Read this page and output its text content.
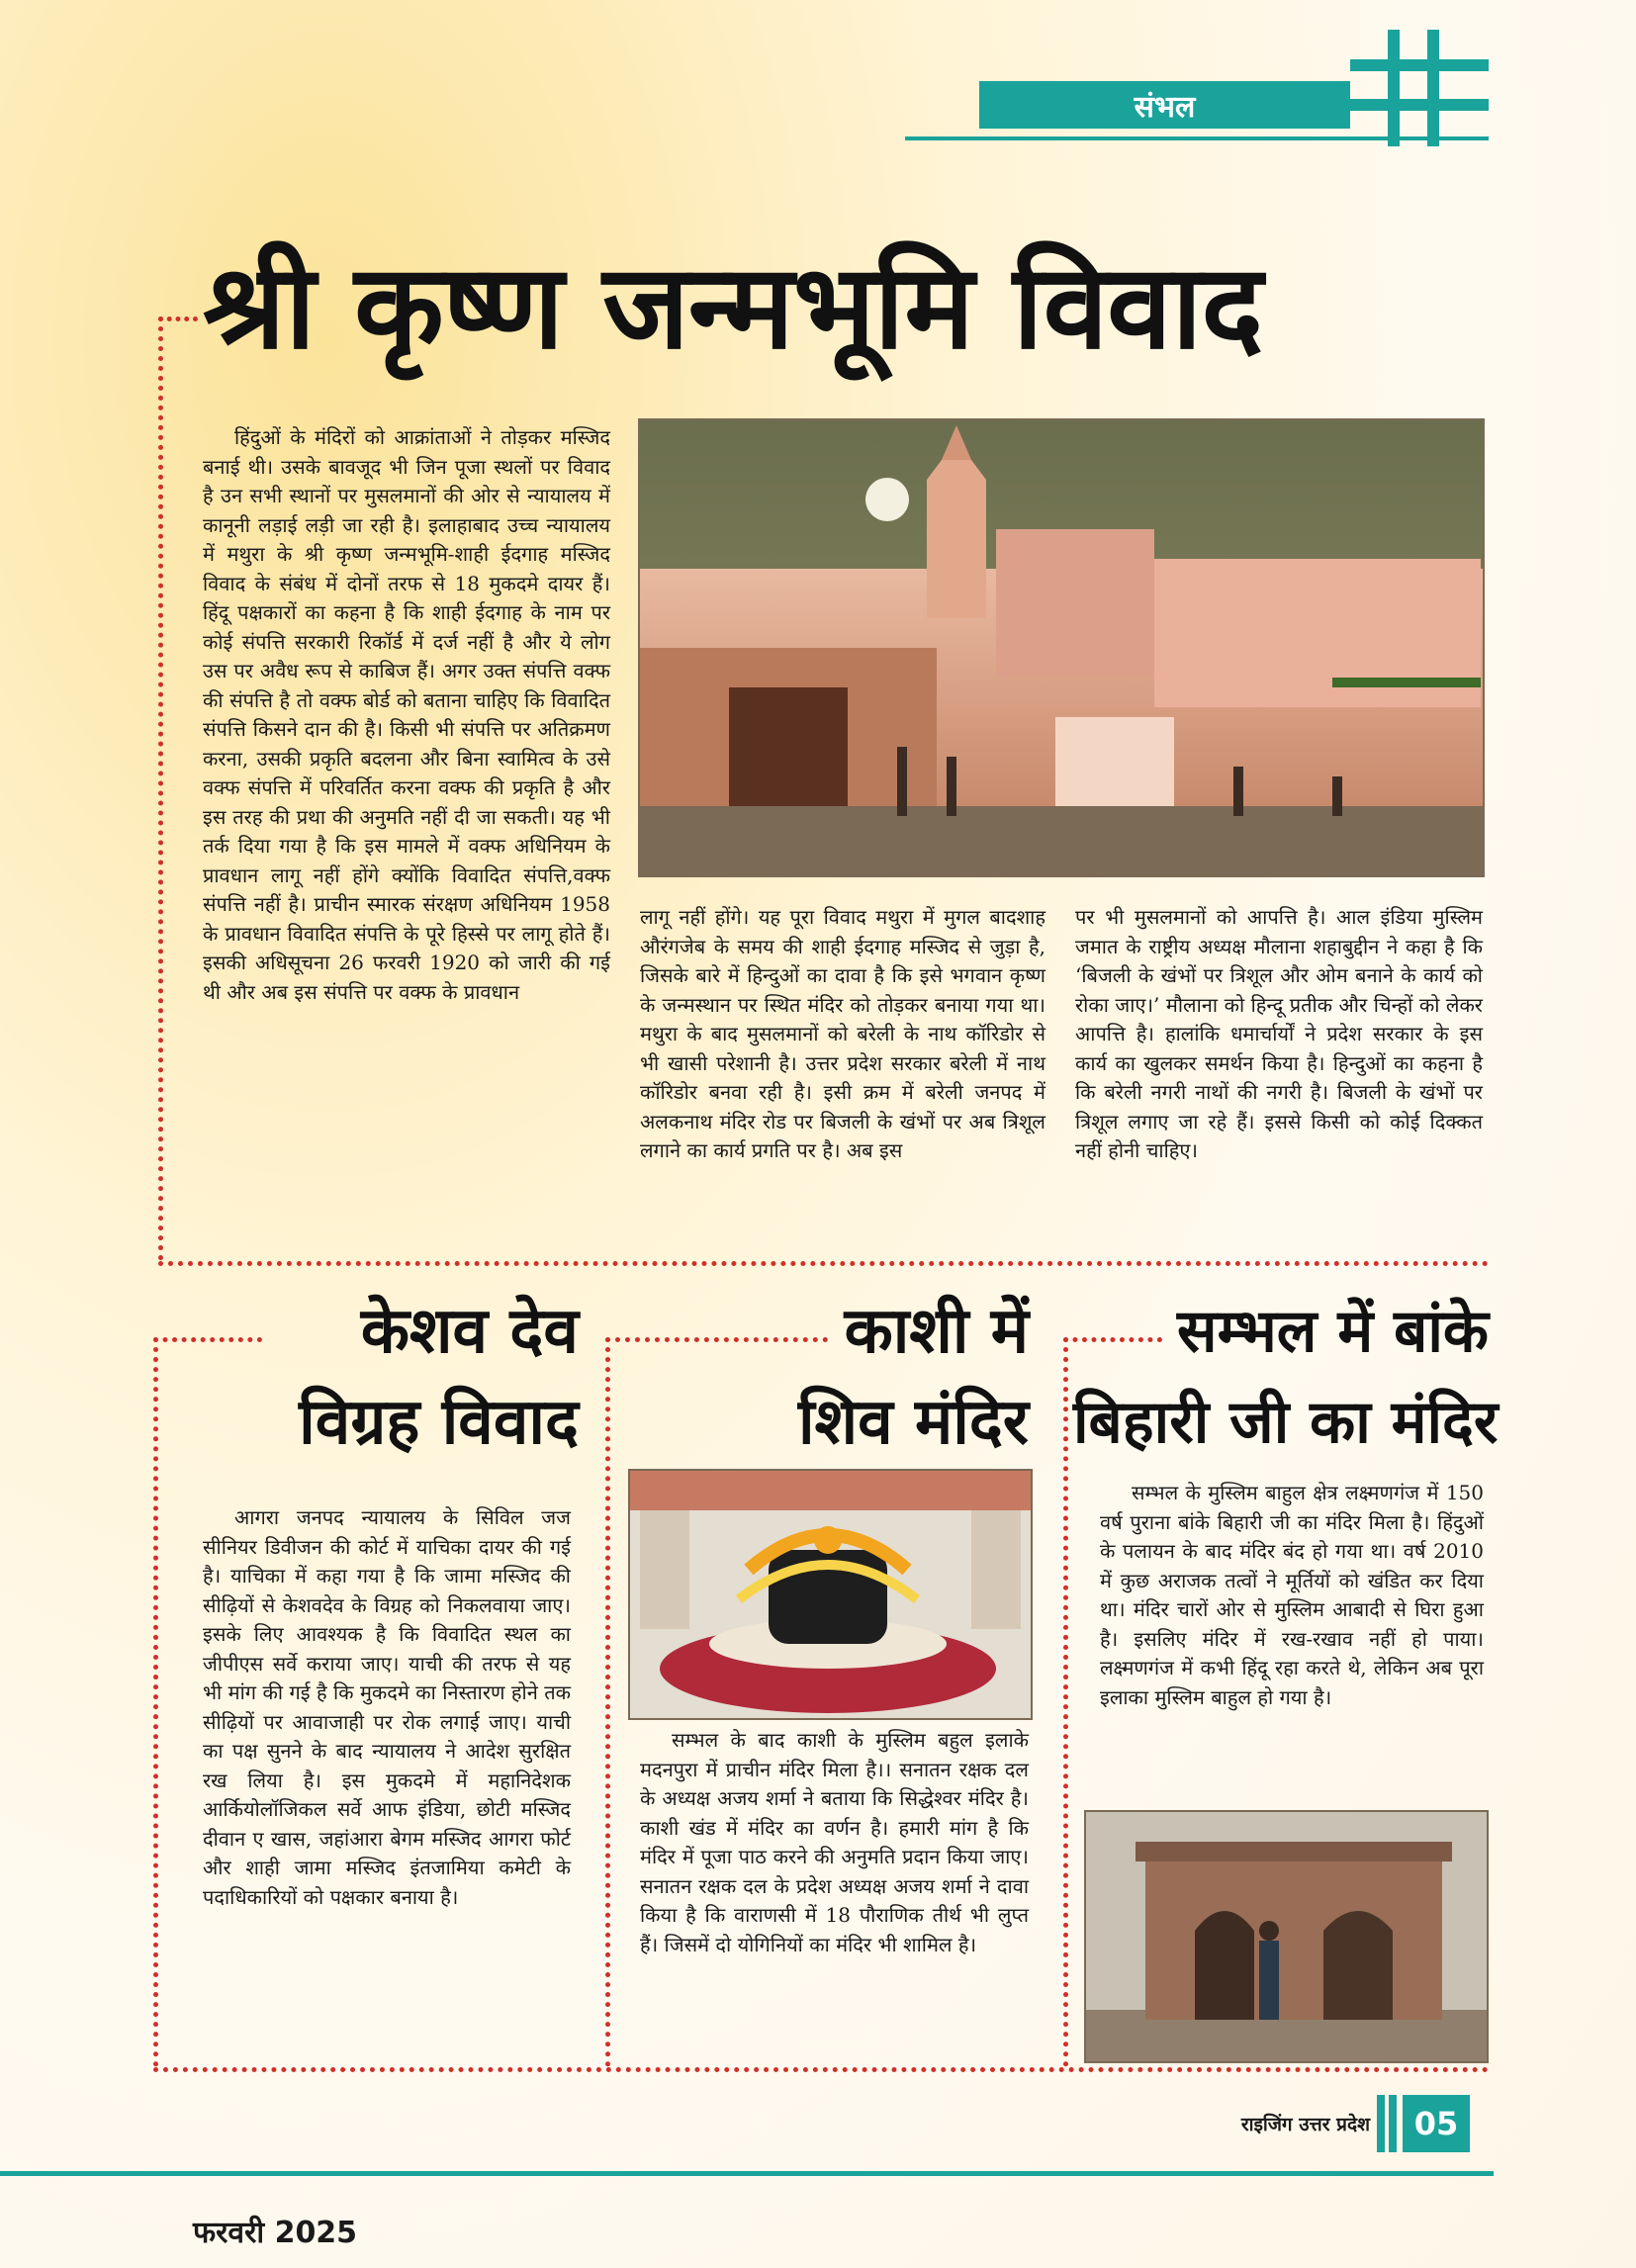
संभल
श्री कृष्ण जन्मभूमि विवाद

हिंदुओं के मंदिरों को आक्रांताओं ने तोड़कर मस्जिद बनाई थी। उसके बावजूद भी जिन पूजा स्थलों पर विवाद है उन सभी स्थानों पर मुसलमानों की ओर से न्यायालय में कानूनी लड़ाई लड़ी जा रही है। इलाहाबाद उच्च न्यायालय में मथुरा के श्री कृष्ण जन्मभूमि-शाही ईदगाह मस्जिद विवाद के संबंध में दोनों तरफ से 18 मुकदमे दायर हैं। हिंदू पक्षकारों का कहना है कि शाही ईदगाह के नाम पर कोई संपत्ति सरकारी रिकॉर्ड में दर्ज नहीं है और ये लोग उस पर अवैध रूप से काबिज हैं। अगर उक्त संपत्ति वक्फ की संपत्ति है तो वक्फ बोर्ड को बताना चाहिए कि विवादित संपत्ति किसने दान की है। किसी भी संपत्ति पर अतिक्रमण करना, उसकी प्रकृति बदलना और बिना स्वामित्व के उसे वक्फ संपत्ति में परिवर्तित करना वक्फ की प्रकृति है और इस तरह की प्रथा की अनुमति नहीं दी जा सकती। यह भी तर्क दिया गया है कि इस मामले में वक्फ अधिनियम के प्रावधान लागू नहीं होंगे क्योंकि विवादित संपत्ति,वक्फ संपत्ति नहीं है। प्राचीन स्मारक संरक्षण अधिनियम 1958 के प्रावधान विवादित संपत्ति के पूरे हिस्से पर लागू होते हैं। इसकी अधिसूचना 26 फरवरी 1920 को जारी की गई थी और अब इस संपत्ति पर वक्फ के प्रावधान

लागू नहीं होंगे। यह पूरा विवाद मथुरा में मुगल बादशाह औरंगजेब के समय की शाही ईदगाह मस्जिद से जुड़ा है, जिसके बारे में हिन्दुओं का दावा है कि इसे भगवान कृष्ण के जन्मस्थान पर स्थित मंदिर को तोड़कर बनाया गया था। मथुरा के बाद मुसलमानों को बरेली के नाथ कॉरिडोर से भी खासी परेशानी है। उत्तर प्रदेश सरकार बरेली में नाथ कॉरिडोर बनवा रही है। इसी क्रम में बरेली जनपद में अलकनाथ मंदिर रोड पर बिजली के खंभों पर अब त्रिशूल लगाने का कार्य प्रगति पर है। अब इस

पर भी मुसलमानों को आपत्ति है। आल इंडिया मुस्लिम जमात के राष्ट्रीय अध्यक्ष मौलाना शहाबुद्दीन ने कहा है कि ‘बिजली के खंभों पर त्रिशूल और ओम बनाने के कार्य को रोका जाए।’ मौलाना को हिन्दू प्रतीक और चिन्हों को लेकर आपत्ति है। हालांकि धमार्चार्यों ने प्रदेश सरकार के इस कार्य का खुलकर समर्थन किया है। हिन्दुओं का कहना है कि बरेली नगरी नाथों की नगरी है। बिजली के खंभों पर त्रिशूल लगाए जा रहे हैं। इससे किसी को कोई दिक्कत नहीं होनी चाहिए।

केशव देव

विग्रह विवाद

आगरा जनपद न्यायालय के सिविल जज सीनियर डिवीजन की कोर्ट में याचिका दायर की गई है। याचिका में कहा गया है कि जामा मस्जिद की सीढ़ियों से केशवदेव के विग्रह को निकलवाया जाए। इसके लिए आवश्यक है कि विवादित स्थल का जीपीएस सर्वे कराया जाए। याची की तरफ से यह भी मांग की गई है कि मुकदमे का निस्तारण होने तक सीढ़ियों पर आवाजाही पर रोक लगाई जाए। याची का पक्ष सुनने के बाद न्यायालय ने आदेश सुरक्षित रख लिया है। इस मुकदमे में महानिदेशक आर्कियोलॉजिकल सर्वे आफ इंडिया, छोटी मस्जिद दीवान ए खास, जहांआरा बेगम मस्जिद आगरा फोर्ट और शाही जामा मस्जिद इंतजामिया कमेटी के पदाधिकारियों को पक्षकार बनाया है।

काशी में

शिव मंदिर

सम्भल के बाद काशी के मुस्लिम बहुल इलाके मदनपुरा में प्राचीन मंदिर मिला है।। सनातन रक्षक दल के अध्यक्ष अजय शर्मा ने बताया कि सिद्धेश्वर मंदिर है। काशी खंड में मंदिर का वर्णन है। हमारी मांग है कि मंदिर में पूजा पाठ करने की अनुमति प्रदान किया जाए। सनातन रक्षक दल के प्रदेश अध्यक्ष अजय शर्मा ने दावा किया है कि वाराणसी में 18 पौराणिक तीर्थ भी लुप्त हैं। जिसमें दो योगिनियों का मंदिर भी शामिल है।

सम्भल में बांके

बिहारी जी का मंदिर

सम्भल के मुस्लिम बाहुल क्षेत्र लक्ष्मणगंज में 150 वर्ष पुराना बांके बिहारी जी का मंदिर मिला है। हिंदुओं के पलायन के बाद मंदिर बंद हो गया था। वर्ष 2010 में कुछ अराजक तत्वों ने मूर्तियों को खंडित कर दिया था। मंदिर चारों ओर से मुस्लिम आबादी से घिरा हुआ है। इसलिए मंदिर में रख-रखाव नहीं हो पाया। लक्ष्मणगंज में कभी हिंदू रहा करते थे, लेकिन अब पूरा इलाका मुस्लिम बाहुल हो गया है।

राइजिंग उत्तर प्रदेश	05
फरवरी 2025
